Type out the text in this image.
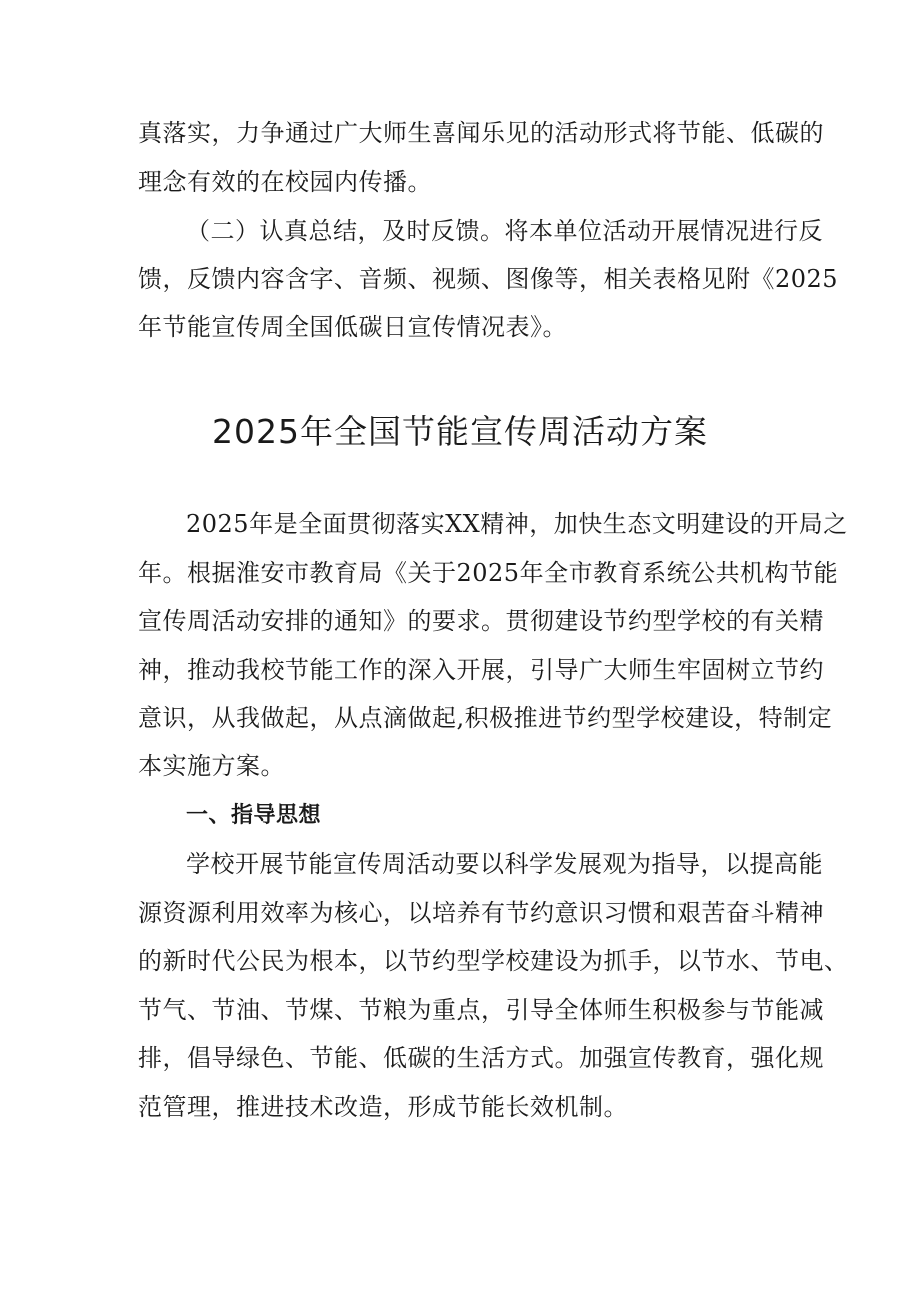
真落实，力争通过广大师生喜闻乐见的活动形式将节能、低碳的
理念有效的在校园内传播。
（二）认真总结，及时反馈。将本单位活动开展情况进行反
馈，反馈内容含字、音频、视频、图像等，相关表格见附《2025
年节能宣传周全国低碳日宣传情况表》。
2025年全国节能宣传周活动方案
2025年是全面贯彻落实XX精神，加快生态文明建设的开局之
年。根据淮安市教育局《关于2025年全市教育系统公共机构节能
宣传周活动安排的通知》的要求。贯彻建设节约型学校的有关精
神，推动我校节能工作的深入开展，引导广大师生牢固树立节约
意识，从我做起，从点滴做起,积极推进节约型学校建设，特制定
本实施方案。
一、指导思想
学校开展节能宣传周活动要以科学发展观为指导，以提高能
源资源利用效率为核心，以培养有节约意识习惯和艰苦奋斗精神
的新时代公民为根本，以节约型学校建设为抓手，以节水、节电、
节气、节油、节煤、节粮为重点，引导全体师生积极参与节能减
排，倡导绿色、节能、低碳的生活方式。加强宣传教育，强化规
范管理，推进技术改造，形成节能长效机制。
